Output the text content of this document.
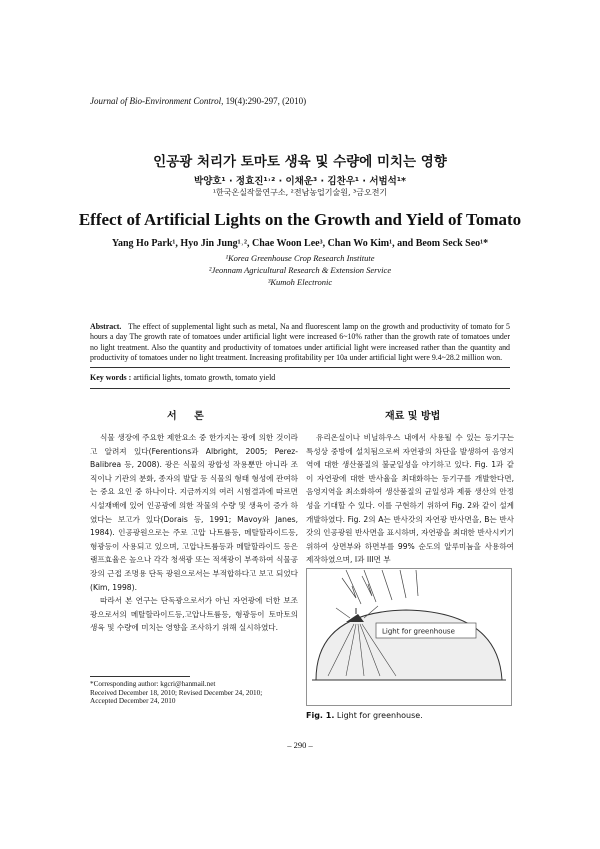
Journal of Bio-Environment Control, 19(4):290-297, (2010)
인공광 처리가 토마토 생육 및 수량에 미치는 영향
박양호¹ · 정효진¹˒² · 이채운³ · 김찬우¹ · 서범석¹*
¹한국온실작물연구소, ²전남농업기술원, ³금오전기
Effect of Artificial Lights on the Growth and Yield of Tomato
Yang Ho Park¹, Hyo Jin Jung¹˒², Chae Woon Lee³, Chan Wo Kim¹, and Beom Seck Seo¹*
¹Korea Greenhouse Crop Research Institute
²Jeonnam Agricultural Research & Extension Service
³Kumoh Electronic
Abstract. The effect of supplemental light such as metal, Na and fluorescent lamp on the growth and productivity of tomato for 5 hours a day The growth rate of tomatoes under artificial light were increased 6~10% rather than the growth rate of tomatoes under no light treatment. Also the quantity and productivity of tomatoes under artificial light were increased rather than the quantity and productivity of tomatoes under no light treatment. Increasing profitability per 10a under artificial light were 9.4~28.2 million won.
Key words : artificial lights, tomato growth, tomato yield
서     론	재료 및 방법

식물 생장에 주요한 제한요소 중 한가지는 광에 의한 것이라고 알려져 있다(Ferentions과 Albright, 2005; Perez-Balibrea 등, 2008). 광은 식물의 광합성 작용뿐만 아니라 조직이나 기관의 분화, 종자의 발달 등 식물의 형태 형성에 관여하는 중요 요인 중 하나이다. 지금까지의 여러 시험결과에 따르면 시설재배에 있어 인공광에 의한 작물의 수량 및 생육이 증가 하였다는 보고가 있다(Dorais 등, 1991; Mavoy와 Janes, 1984). 인공광원으로는 주로 고압 나트륨등, 메탈할라이드등, 형광등이 사용되고 있으며, 고압나트륨등과 메탈할라이드 등은 램프효율은 높으나 각각 청색광 또는 적색광이 부족하여 식물공장의 근접 조명용 단독 광원으로서는 부적합하다고 보고 되었다(Kim, 1998).

따라서 본 연구는 단독광으로서가 아닌 자연광에 더한 보조광으로서의 메탈할라이드등,고압나트륨등, 형광등이 토마토의 생육 및 수량에 미치는 영향을 조사하기 위해 실시하였다.

유리온실이나 비닐하우스 내에서 사용될 수 있는 등기구는 특성상 중방에 설치됨으로써 자연광의 차단을 발생하여 음영지역에 대한 생산품질의 불균일성을 야기하고 있다. Fig. 1과 같이 자연광에 대한 반사율을 최대화하는 등기구를 개발한다면, 음영지역을 최소화하여 생산품질의 균일성과 제품 생산의 안정성을 기대할 수 있다. 이를 구현하기 위하여 Fig. 2와 같이 설계 개발하였다. Fig. 2의 A는 반사갓의 자연광 반사면을, B는 반사갓의 인공광원 반사면을 표시하며, 자연광을 최대한 반사시키기 위하여 상면부와 하면부를 99% 순도의 알루미늄을 사용하여 제작하였으며, I과 III면 부

*Corresponding author: kgcri@hanmail.net
Received December 18, 2010; Revised December 24, 2010;
Accepted December 24, 2010
Light for greenhouse
Fig. 1. Light for greenhouse.
– 290 –
